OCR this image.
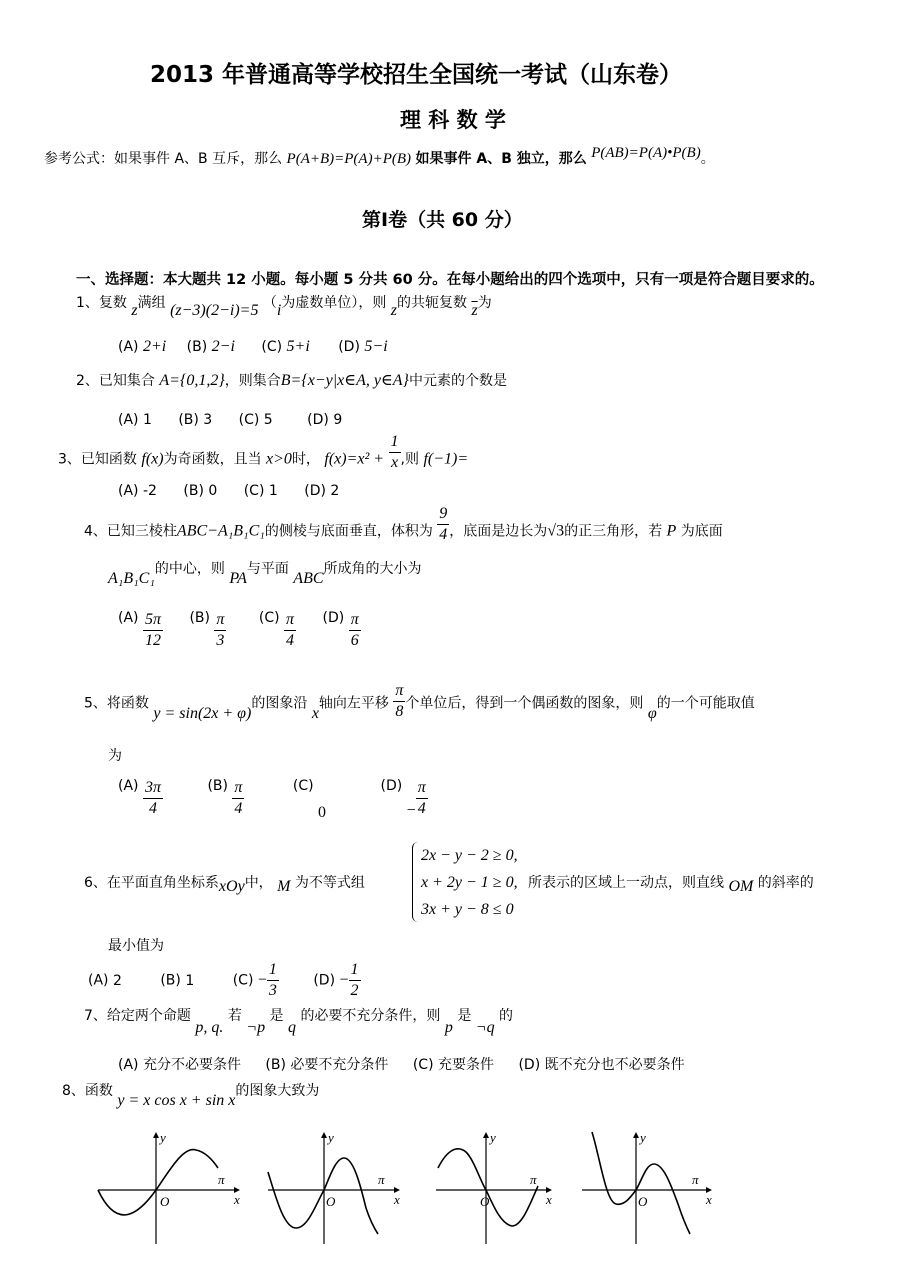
2013 年普通高等学校招生全国统一考试（山东卷）
理 科 数 学
参考公式：如果事件 A、B 互斥，那么 P(A+B)=P(A)+P(B) 如果事件 A、B 独立，那么 P(AB)=P(A)•P(B)。
第Ⅰ卷（共 60 分）
一、选择题：本大题共 12 小题。每小题 5 分共 60 分。在每小题给出的四个选项中，只有一项是符合题目要求的。
1、复数 z满组 (z−3)(2−i)=5 （i为虚数单位），则 z的共轭复数 $\overline{z}$为
(A) 2+i (B) 2−i (C) 5+i (D) 5−i
2、已知集合 A={0,1,2}，则集合B={x−y|x∈A, y∈A}中元素的个数是
(A) 1 (B) 3 (C) 5 (D) 9
3、已知函数 f(x)为奇函数，且当 x>0时， $f(x)=x^2 + \frac{1}{x}$ ,则 f(−1)=
(A) -2 (B) 0 (C) 1 (D) 2
4、已知三棱柱ABC−A₁B₁C₁的侧棱与底面垂直，体积为 $\frac{9}{4}$ ，底面是边长为√3的正三角形，若 P 为底面
A₁B₁C₁的中心，则 PA与平面 ABC所成角的大小为
$(A) \frac{5\pi}{12} (B) \frac{\pi}{3} (C) \frac{\pi}{4} (D) \frac{\pi}{6}$
5、将函数 y = sin(2x + φ)的图象沿 x轴向左平移 $\frac{\pi}{8}$ 个单位后，得到一个偶函数的图象，则 φ的一个可能取值
为
$(A) \frac{3\pi}{4}$	$(B) \frac{\pi}{4}$	(C) 0 $(D) - \frac{\pi}{4}$
6、在平面直角坐标系xOy中， M 为不等式组
2x − y − 2 ≥ 0,
x + 2y − 1 ≥ 0,
3x + y − 8 ≤ 0
所表示的区域上一动点，则直线 OM 的斜率的
最小值为
(A) 2	(B) 1	$(C) - \frac{1}{3} (D) - \frac{1}{2}$
7、给定两个命题 p, q. 若 ¬p 是 q 的必要不充分条件，则 p 是 ¬q 的
(A) 充分不必要条件 (B) 必要不充分条件 (C) 充要条件 (D) 既不充分也不必要条件
8、函数 y = x cos x + sin x的图象大致为
y
x
O
π
y
x
O
π
y
x
O
π
y
x
O
π
